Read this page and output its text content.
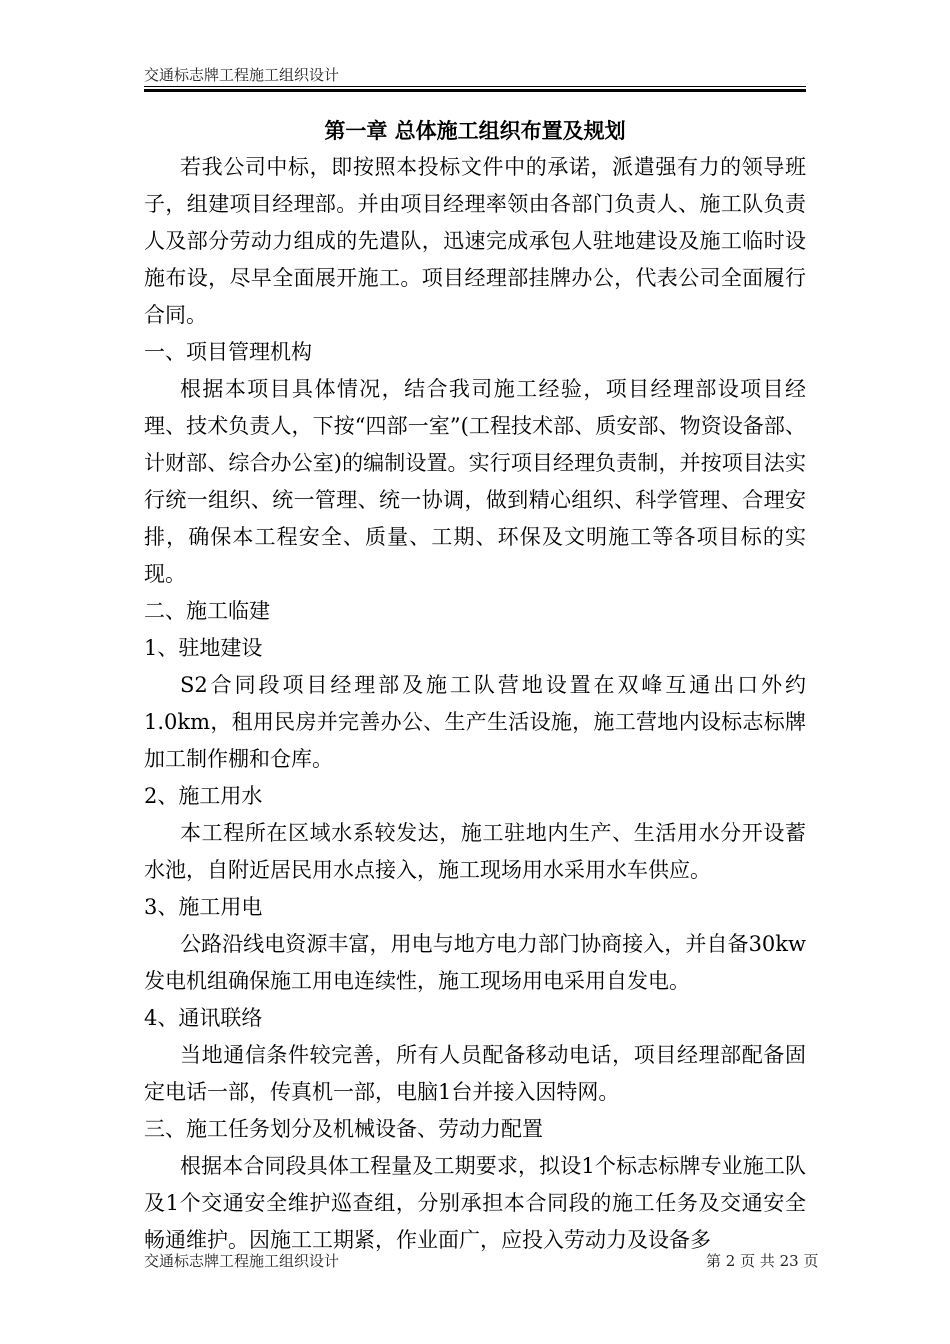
交通标志牌工程施工组织设计
第一章 总体施工组织布置及规划

若我公司中标，即按照本投标文件中的承诺，派遣强有力的领导班子，组建项目经理部。并由项目经理率领由各部门负责人、施工队负责人及部分劳动力组成的先遣队，迅速完成承包人驻地建设及施工临时设施布设，尽早全面展开施工。项目经理部挂牌办公，代表公司全面履行合同。

一、项目管理机构

根据本项目具体情况，结合我司施工经验，项目经理部设项目经理、技术负责人，下按“四部一室”(工程技术部、质安部、物资设备部、计财部、综合办公室)的编制设置。实行项目经理负责制，并按项目法实行统一组织、统一管理、统一协调，做到精心组织、科学管理、合理安排，确保本工程安全、质量、工期、环保及文明施工等各项目标的实现。

二、施工临建

1、驻地建设

S2合同段项目经理部及施工队营地设置在双峰互通出口外约1.0km，租用民房并完善办公、生产生活设施，施工营地内设标志标牌加工制作棚和仓库。

2、施工用水

本工程所在区域水系较发达，施工驻地内生产、生活用水分开设蓄水池，自附近居民用水点接入，施工现场用水采用水车供应。

3、施工用电

公路沿线电资源丰富，用电与地方电力部门协商接入，并自备30kw发电机组确保施工用电连续性，施工现场用电采用自发电。

4、通讯联络

当地通信条件较完善，所有人员配备移动电话，项目经理部配备固定电话一部，传真机一部，电脑1台并接入因特网。

三、施工任务划分及机械设备、劳动力配置

根据本合同段具体工程量及工期要求，拟设1个标志标牌专业施工队及1个交通安全维护巡查组，分别承担本合同段的施工任务及交通安全畅通维护。因施工工期紧，作业面广，应投入劳动力及设备多

交通标志牌工程施工组织设计	第 2 页 共 23 页
